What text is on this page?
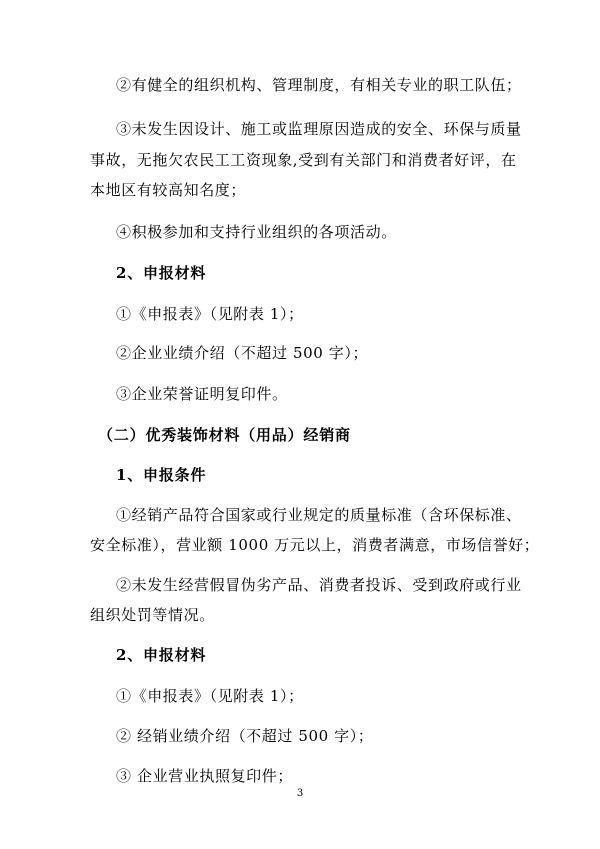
②有健全的组织机构、管理制度，有相关专业的职工队伍；
③未发生因设计、施工或监理原因造成的安全、环保与质量
事故，无拖欠农民工工资现象,受到有关部门和消费者好评，在
本地区有较高知名度；
④积极参加和支持行业组织的各项活动。
2、申报材料
①《申报表》（见附表 1）；
②企业业绩介绍（不超过 500 字）；
③企业荣誉证明复印件。
（二）优秀装饰材料（用品）经销商
1、申报条件
①经销产品符合国家或行业规定的质量标准（含环保标准、
安全标准），营业额 1000 万元以上，消费者满意，市场信誉好；
②未发生经营假冒伪劣产品、消费者投诉、受到政府或行业
组织处罚等情况。
2、申报材料
①《申报表》（见附表 1）；
② 经销业绩介绍（不超过 500 字）；
③ 企业营业执照复印件；
3
